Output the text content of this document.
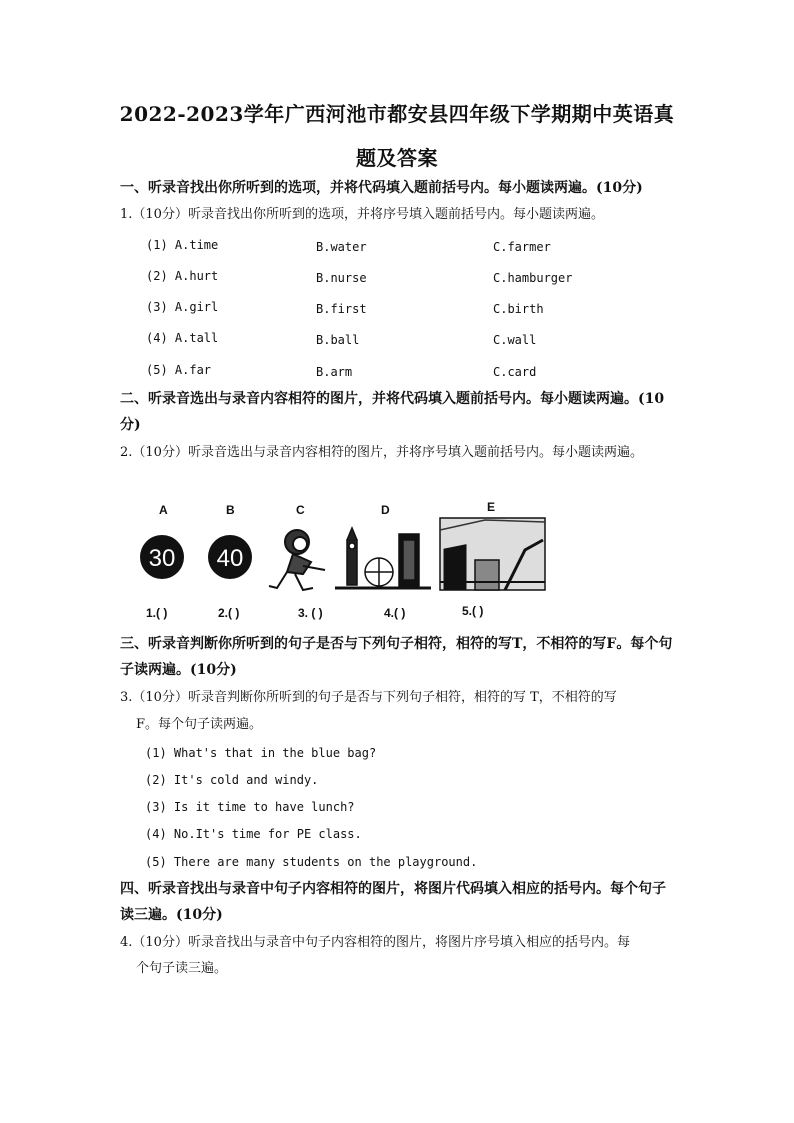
2022-2023学年广西河池市都安县四年级下学期期中英语真
题及答案
一、听录音找出你所听到的选项，并将代码填入题前括号内。每小题读两遍。(10分)
1.（10分）听录音找出你所听到的选项，并将序号填入题前括号内。每小题读两遍。
(1) A.time	B.water	C.farmer
(2) A.hurt	B.nurse	C.hamburger
(3) A.girl	B.first	C.birth
(4) A.tall	B.ball	C.wall
(5) A.far	B.arm	C.card
二、听录音选出与录音内容相符的图片，并将代码填入题前括号内。每小题读两遍。(10
分)
2.（10分）听录音选出与录音内容相符的图片，并将序号填入题前括号内。每小题读两遍。
A	B	C	D	E
30 40
1.( )	2.( )	3. ( )	4.( )	5.( )
三、听录音判断你所听到的句子是否与下列句子相符，相符的写T，不相符的写F。每个句
子读两遍。(10分)
3.（10分）听录音判断你所听到的句子是否与下列句子相符，相符的写 T，不相符的写
F。每个句子读两遍。
(1) What's that in the blue bag?
(2) It's cold and windy.
(3) Is it time to have lunch?
(4) No.It's time for PE class.
(5) There are many students on the playground.
四、听录音找出与录音中句子内容相符的图片，将图片代码填入相应的括号内。每个句子
读三遍。(10分)
4.（10分）听录音找出与录音中句子内容相符的图片，将图片序号填入相应的括号内。每
个句子读三遍。
